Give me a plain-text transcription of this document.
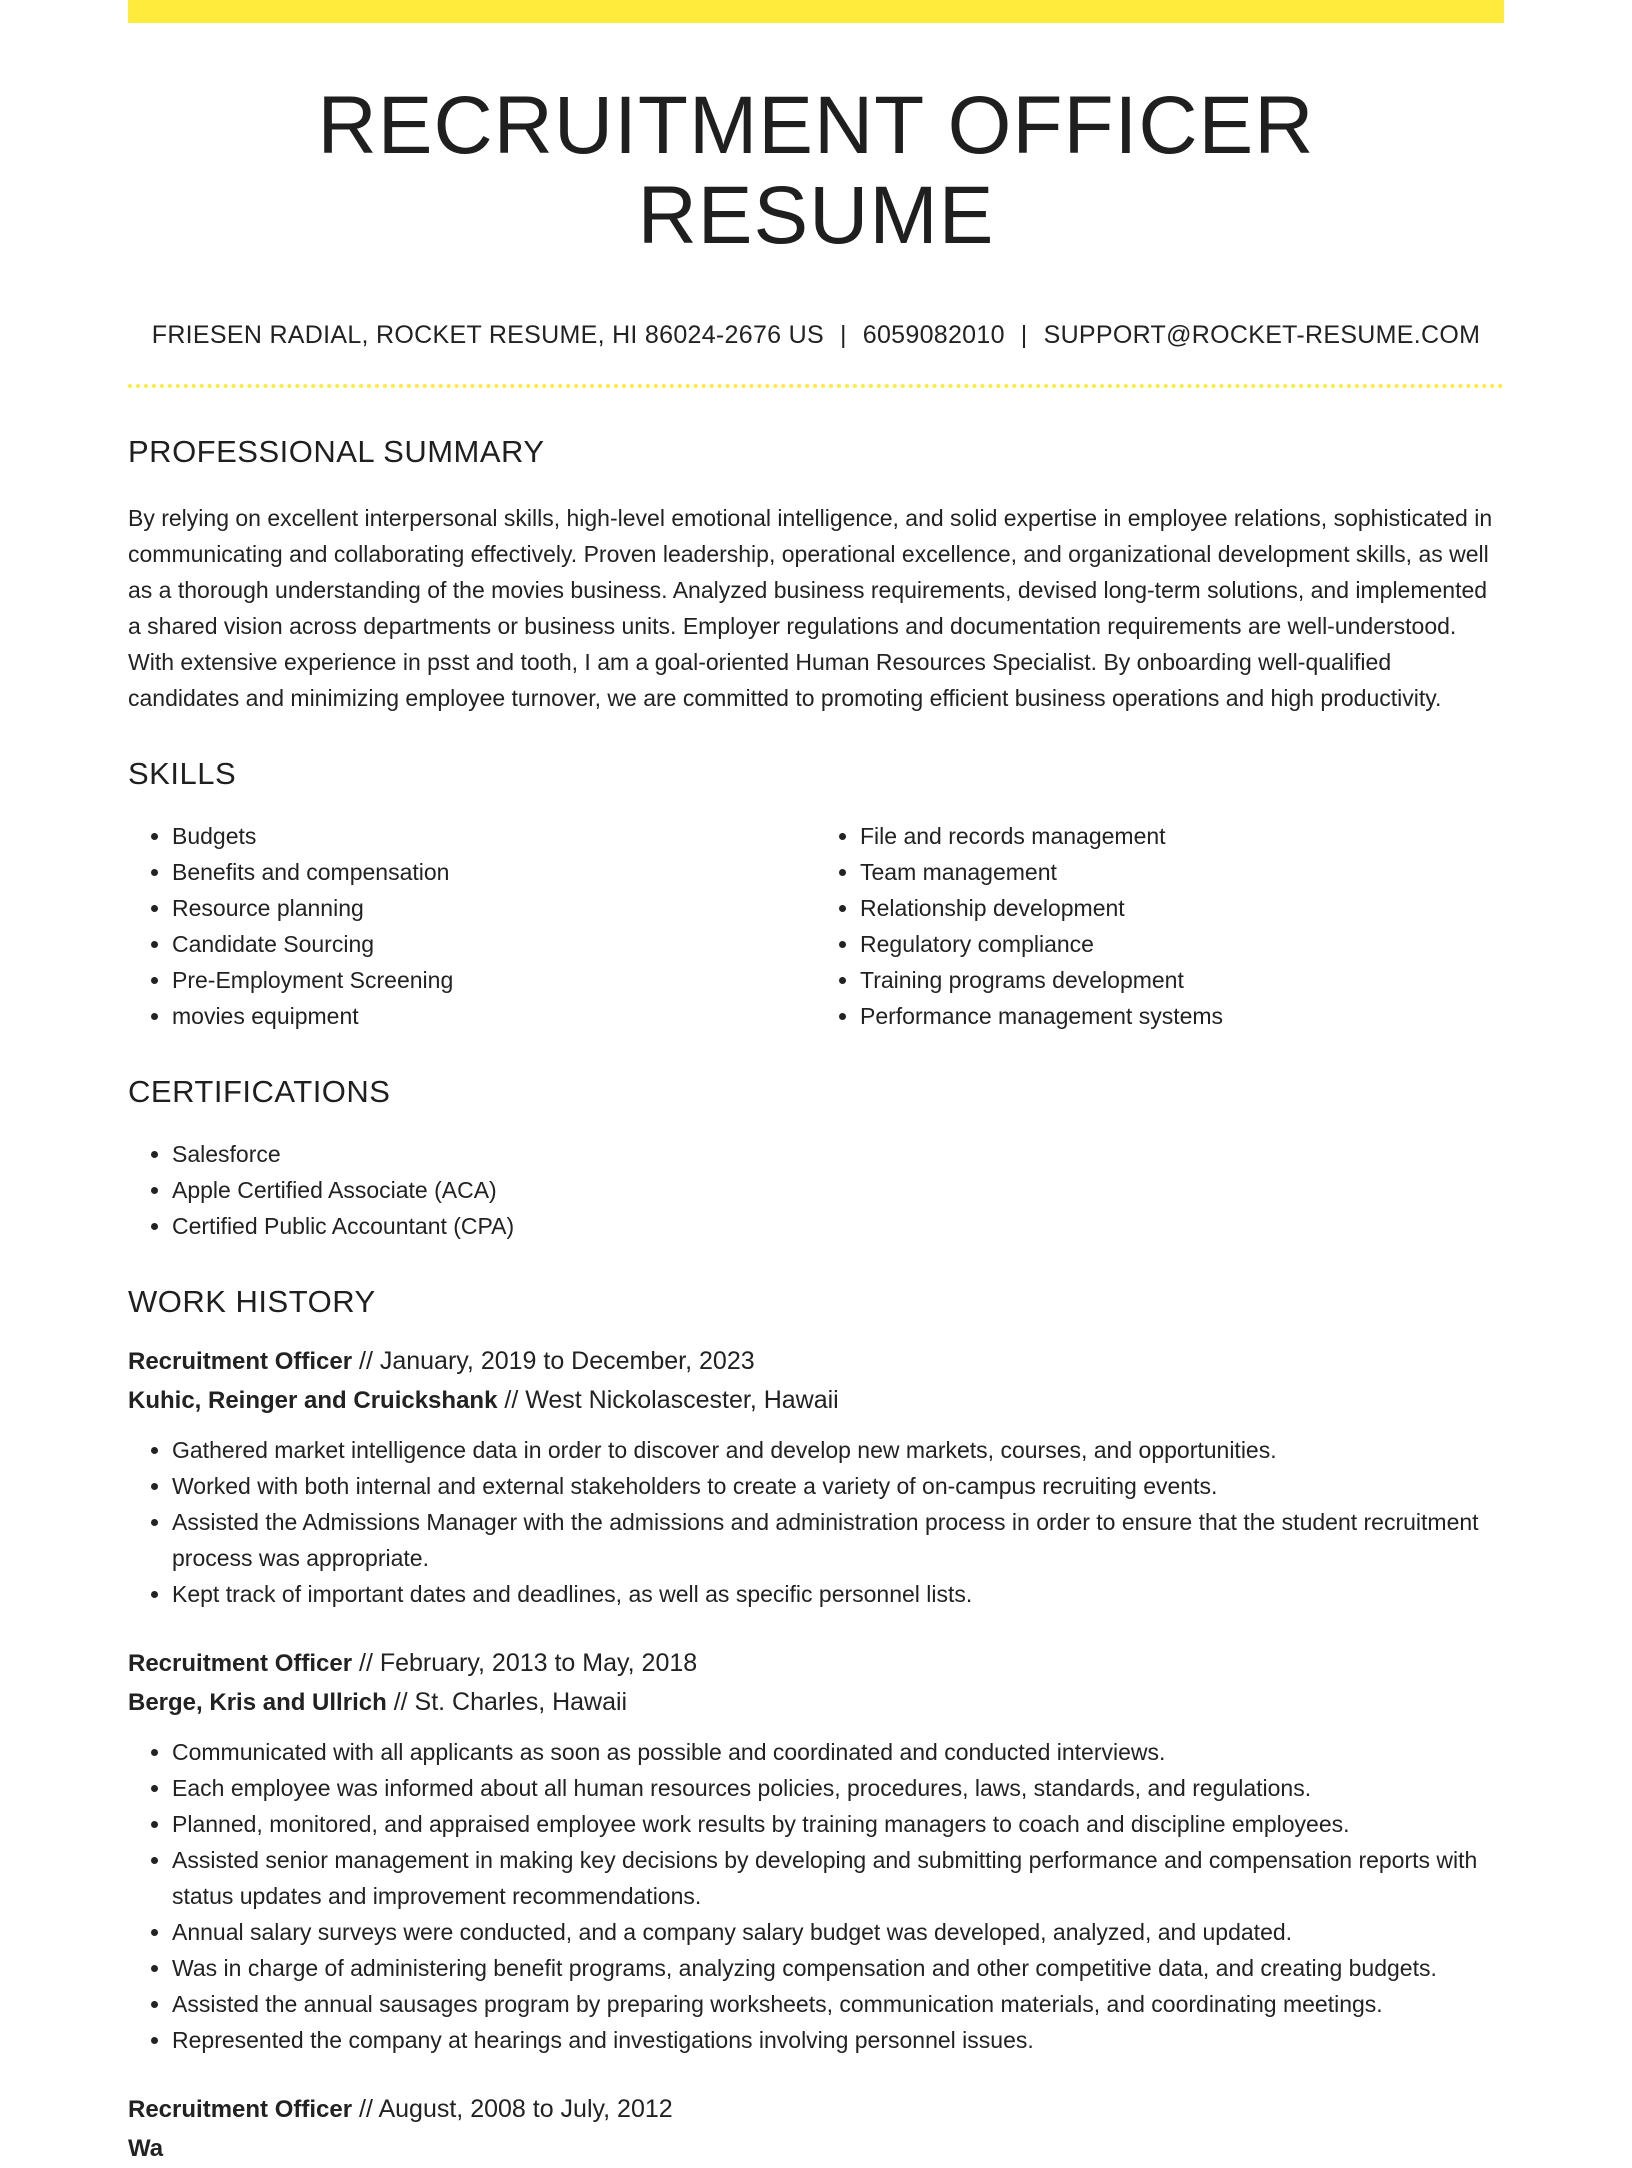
RECRUITMENT OFFICER RESUME
FRIESEN RADIAL, ROCKET RESUME, HI 86024-2676 US | 6059082010 | SUPPORT@ROCKET-RESUME.COM
PROFESSIONAL SUMMARY

By relying on excellent interpersonal skills, high-level emotional intelligence, and solid expertise in employee relations, sophisticated in communicating and collaborating effectively. Proven leadership, operational excellence, and organizational development skills, as well as a thorough understanding of the movies business. Analyzed business requirements, devised long-term solutions, and implemented a shared vision across departments or business units. Employer regulations and documentation requirements are well-understood. With extensive experience in psst and tooth, I am a goal-oriented Human Resources Specialist. By onboarding well-qualified candidates and minimizing employee turnover, we are committed to promoting efficient business operations and high productivity.

SKILLS
• Budgets
• Benefits and compensation
• Resource planning
• Candidate Sourcing
• Pre-Employment Screening
• movies equipment
• File and records management
• Team management
• Relationship development
• Regulatory compliance
• Training programs development
• Performance management systems
CERTIFICATIONS
• Salesforce
• Apple Certified Associate (ACA)
• Certified Public Accountant (CPA)
WORK HISTORY
Recruitment Officer // January, 2019 to December, 2023
Kuhic, Reinger and Cruickshank // West Nickolascester, Hawaii
• Gathered market intelligence data in order to discover and develop new markets, courses, and opportunities.
• Worked with both internal and external stakeholders to create a variety of on-campus recruiting events.
• Assisted the Admissions Manager with the admissions and administration process in order to ensure that the student recruitment process was appropriate.
• Kept track of important dates and deadlines, as well as specific personnel lists.
Recruitment Officer // February, 2013 to May, 2018
Berge, Kris and Ullrich // St. Charles, Hawaii
• Communicated with all applicants as soon as possible and coordinated and conducted interviews.
• Each employee was informed about all human resources policies, procedures, laws, standards, and regulations.
• Planned, monitored, and appraised employee work results by training managers to coach and discipline employees.
• Assisted senior management in making key decisions by developing and submitting performance and compensation reports with status updates and improvement recommendations.
• Annual salary surveys were conducted, and a company salary budget was developed, analyzed, and updated.
• Was in charge of administering benefit programs, analyzing compensation and other competitive data, and creating budgets.
• Assisted the annual sausages program by preparing worksheets, communication materials, and coordinating meetings.
• Represented the company at hearings and investigations involving personnel issues.
Recruitment Officer // August, 2008 to July, 2012
Wa
